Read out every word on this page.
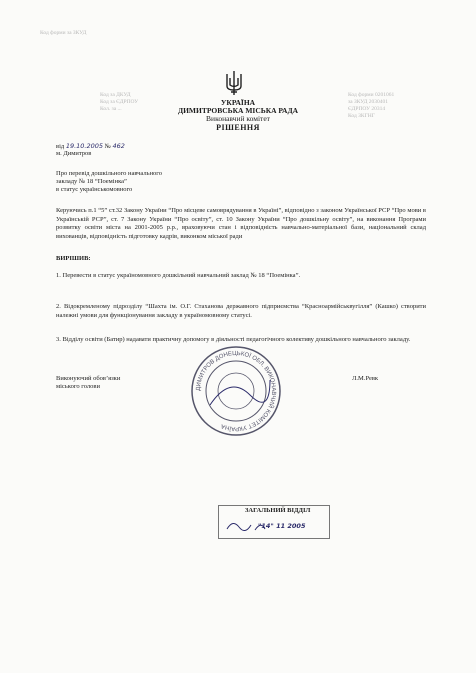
Код форми за ЗКУД
Код за ДКУД
Код за ЄДРПОУ
Кол. за ...
Код форми 0201061
за ЗКУД 2030401
ЄДРПОУ 20314
Код ЗКГНГ
УКРАЇНА
ДИМИТРОВСЬКА МІСЬКА РАДА
Виконавчий комітет
РІШЕННЯ
від 19.10.2005 № 462
м. Димитров
Про перевід дошкільного навчального
закладу № 18 “Поемінка”
в статус українськомовного
Керуючись п.1 “5” ст.32 Закону України “Про місцеве самоврядування в Україні”, відповідно з законом Української РСР “Про мови в Українській РСР”, ст. 7 Закону України “Про освіту”, ст. 10 Закону України “Про дошкільну освіту”, на виконання Програми розвитку освіти міста на 2001-2005 р.р., враховуючи стан і відповідність навчально-матеріальної бази, національний склад вихованців, відповідність підготовку кадрів, виконком міської ради
ВИРІШИВ:
1. Перевести в статус україномовного дошкільний навчальний заклад № 18 “Поемінка”.
2. Відокремленому підрозділу “Шахта ім. О.Г. Стаханова державного підприємства “Красноармійськвугілля” (Кашко) створити належні умови для функціонування закладу в україномовному статусі.
3. Відділу освіти (Батир) надавати практичну допомогу в діяльності педагогічного колективу дошкільного навчального закладу.
ДИМИТРОВ ДОНЕЦЬКОЇ ОБЛ. ВИКОНАВЧИЙ КОМІТЕТ УКРАЇНА
Виконуючий обов’язки
міського голови
Л.М.Ревк
ЗАГАЛЬНИЙ ВІДДІЛ
"14" 11 2005
